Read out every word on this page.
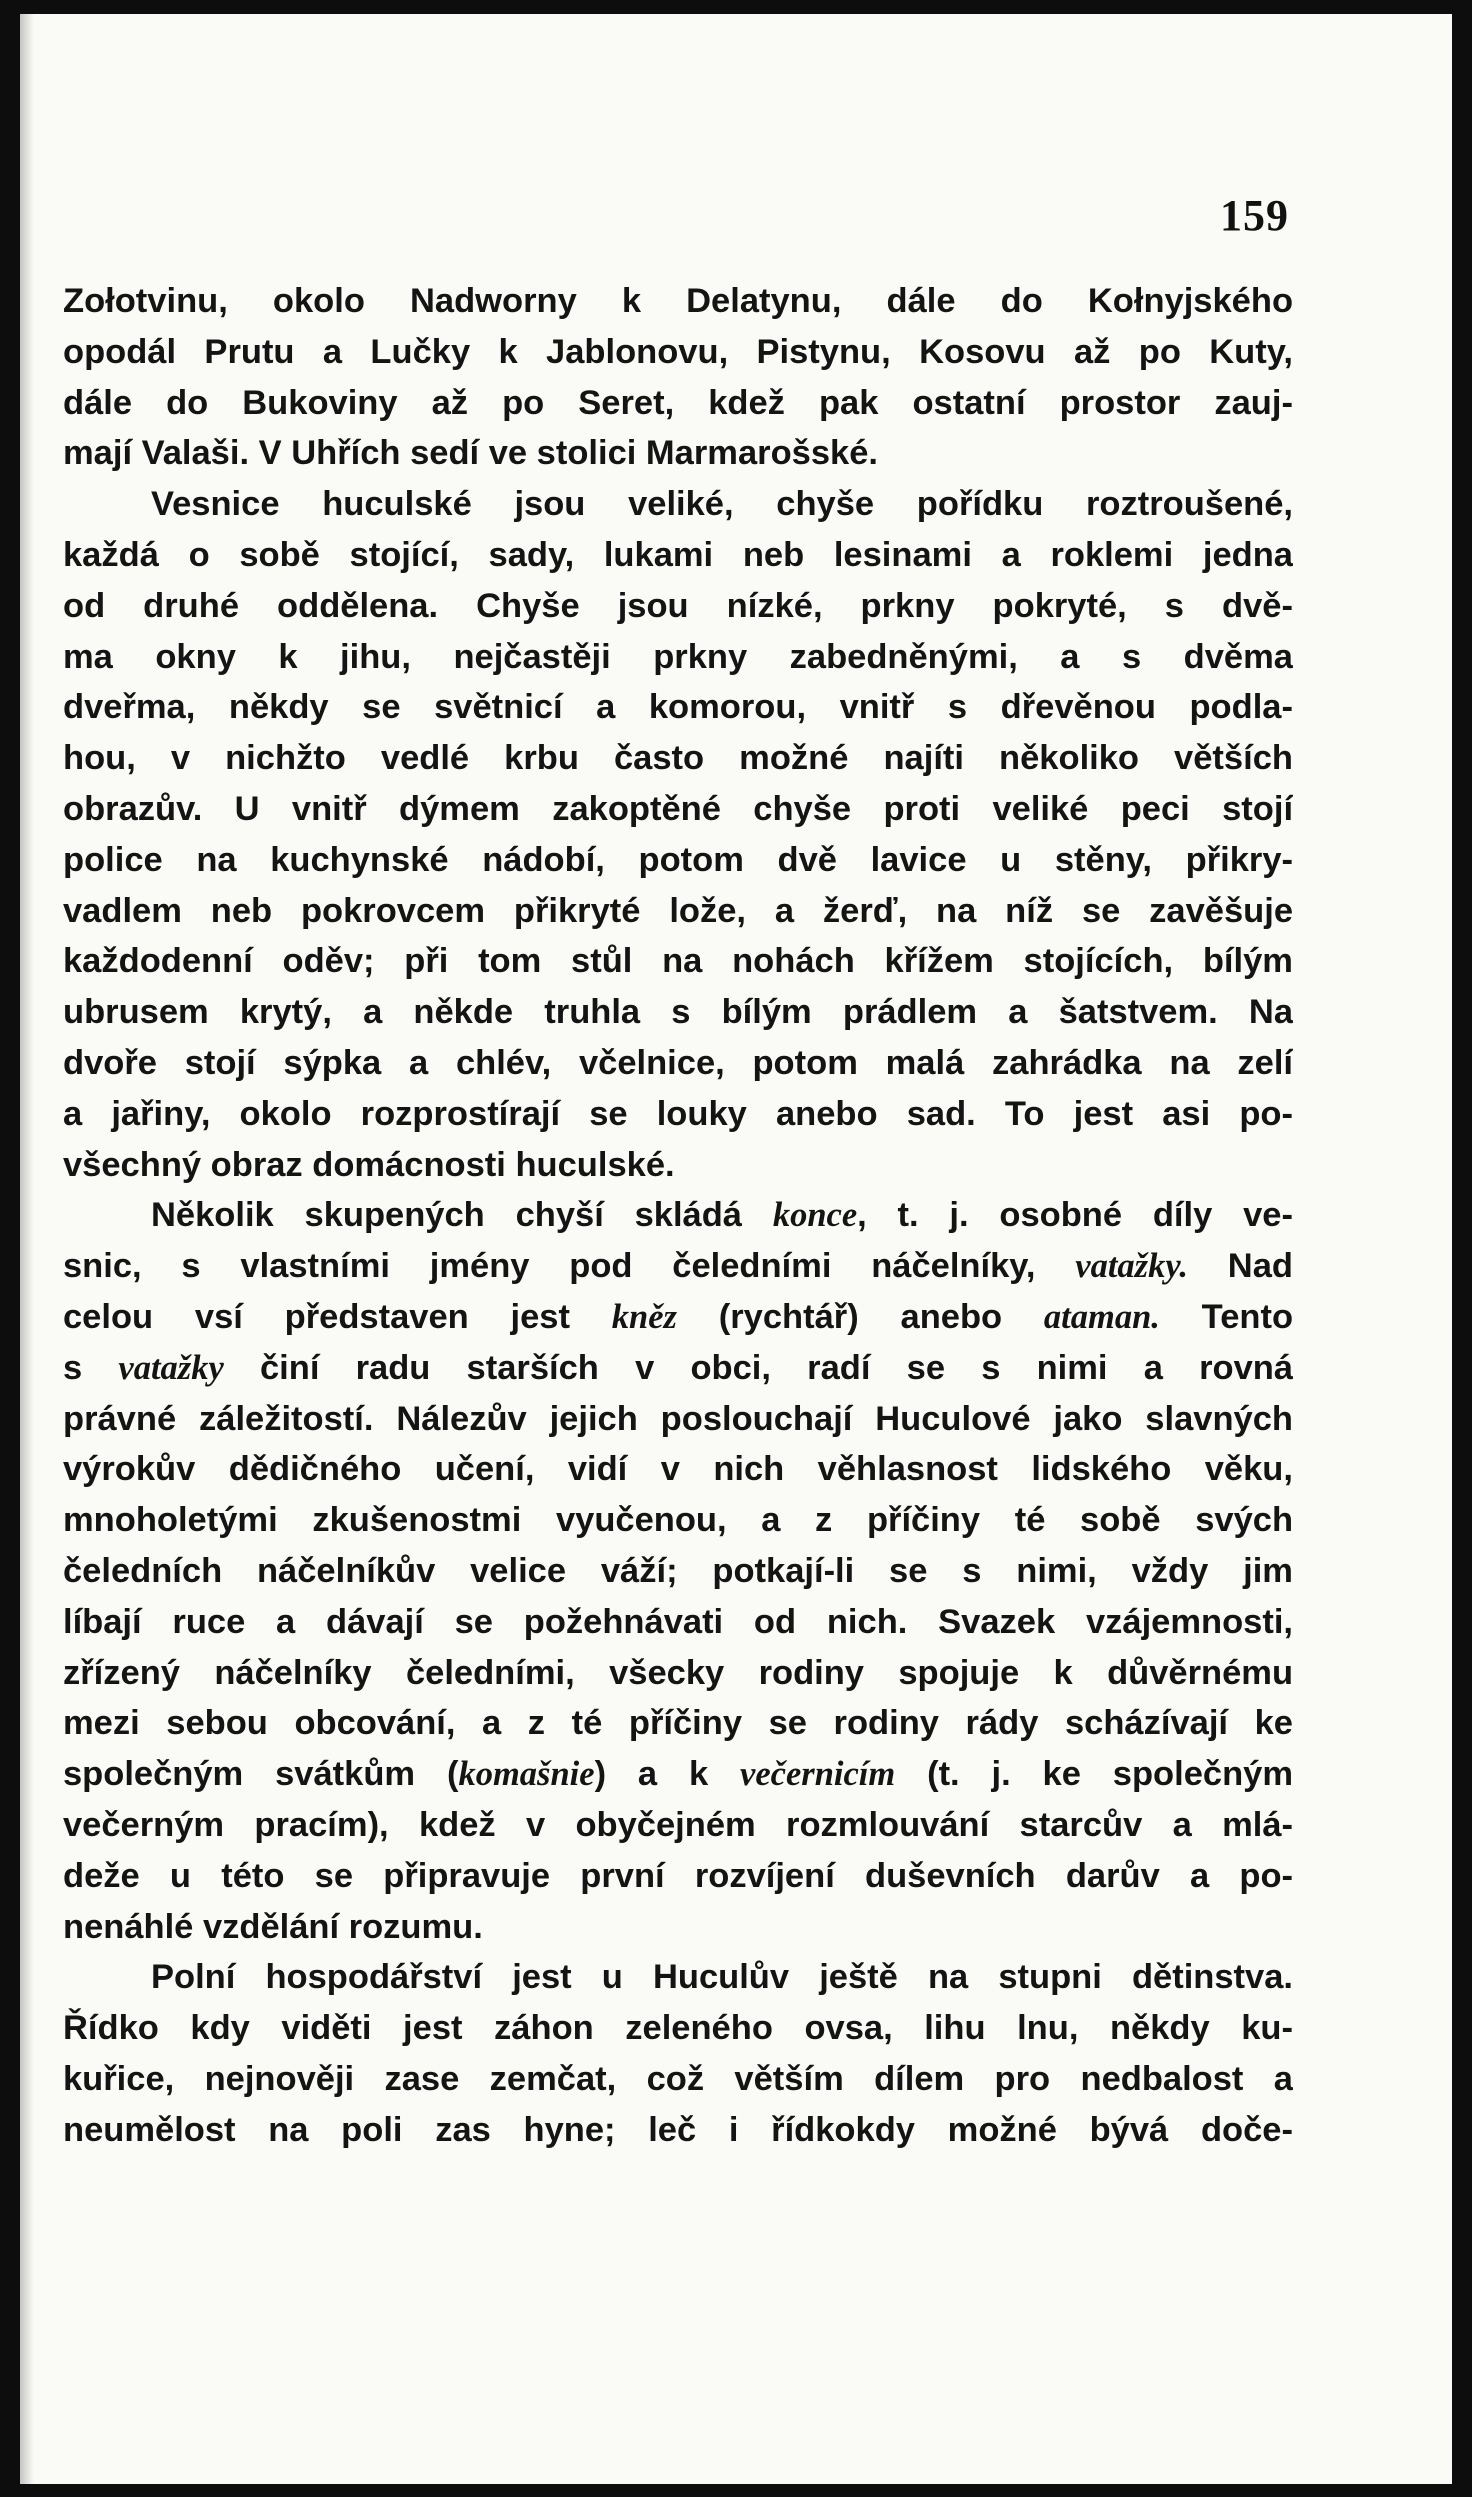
159
Zołotvinu, okolo Nadworny k Delatynu, dále do Kołnyjského
opodál Prutu a Lučky k Jablonovu, Pistynu, Kosovu až po Kuty,
dále do Bukoviny až po Seret, kdež pak ostatní prostor zauj-
mají Valaši. V Uhřích sedí ve stolici Marmarošské.
Vesnice huculské jsou veliké, chyše pořídku roztroušené,
každá o sobě stojící, sady, lukami neb lesinami a roklemi jedna
od druhé oddělena. Chyše jsou nízké, prkny pokryté, s dvě-
ma okny k jihu, nejčastěji prkny zabedněnými, a s dvěma
dveřma, někdy se světnicí a komorou, vnitř s dřevěnou podla-
hou, v nichžto vedlé krbu často možné najíti několiko větších
obrazův. U vnitř dýmem zakoptěné chyše proti veliké peci stojí
police na kuchynské nádobí, potom dvě lavice u stěny, přikry-
vadlem neb pokrovcem přikryté lože, a žerď, na níž se zavěšuje
každodenní oděv; při tom stůl na nohách křížem stojících, bílým
ubrusem krytý, a někde truhla s bílým prádlem a šatstvem. Na
dvoře stojí sýpka a chlév, včelnice, potom malá zahrádka na zelí
a jařiny, okolo rozprostírají se louky anebo sad. To jest asi po-
všechný obraz domácnosti huculské.
Několik skupených chyší skládá konce, t. j. osobné díly ve-
snic, s vlastními jmény pod čeledními náčelníky, vatažky. Nad
celou vsí představen jest kněz (rychtář) anebo ataman. Tento
s vatažky činí radu starších v obci, radí se s nimi a rovná
právné záležitostí. Nálezův jejich poslouchají Huculové jako slavných
výrokův dědičného učení, vidí v nich věhlasnost lidského věku,
mnoholetými zkušenostmi vyučenou, a z příčiny té sobě svých
čeledních náčelníkův velice váží; potkají-li se s nimi, vždy jim
líbají ruce a dávají se požehnávati od nich. Svazek vzájemnosti,
zřízený náčelníky čeledními, všecky rodiny spojuje k důvěrnému
mezi sebou obcování, a z té příčiny se rodiny rády scházívají ke
společným svátkům (komašnie) a k večernicím (t. j. ke společným
večerným pracím), kdež v obyčejném rozmlouvání starcův a mlá-
deže u této se připravuje první rozvíjení duševních darův a po-
nenáhlé vzdělání rozumu.
Polní hospodářství jest u Huculův ještě na stupni dětinstva.
Řídko kdy viděti jest záhon zeleného ovsa, lihu lnu, někdy ku-
kuřice, nejnověji zase zemčat, což větším dílem pro nedbalost a
neumělost na poli zas hyne; leč i řídkokdy možné bývá doče-
